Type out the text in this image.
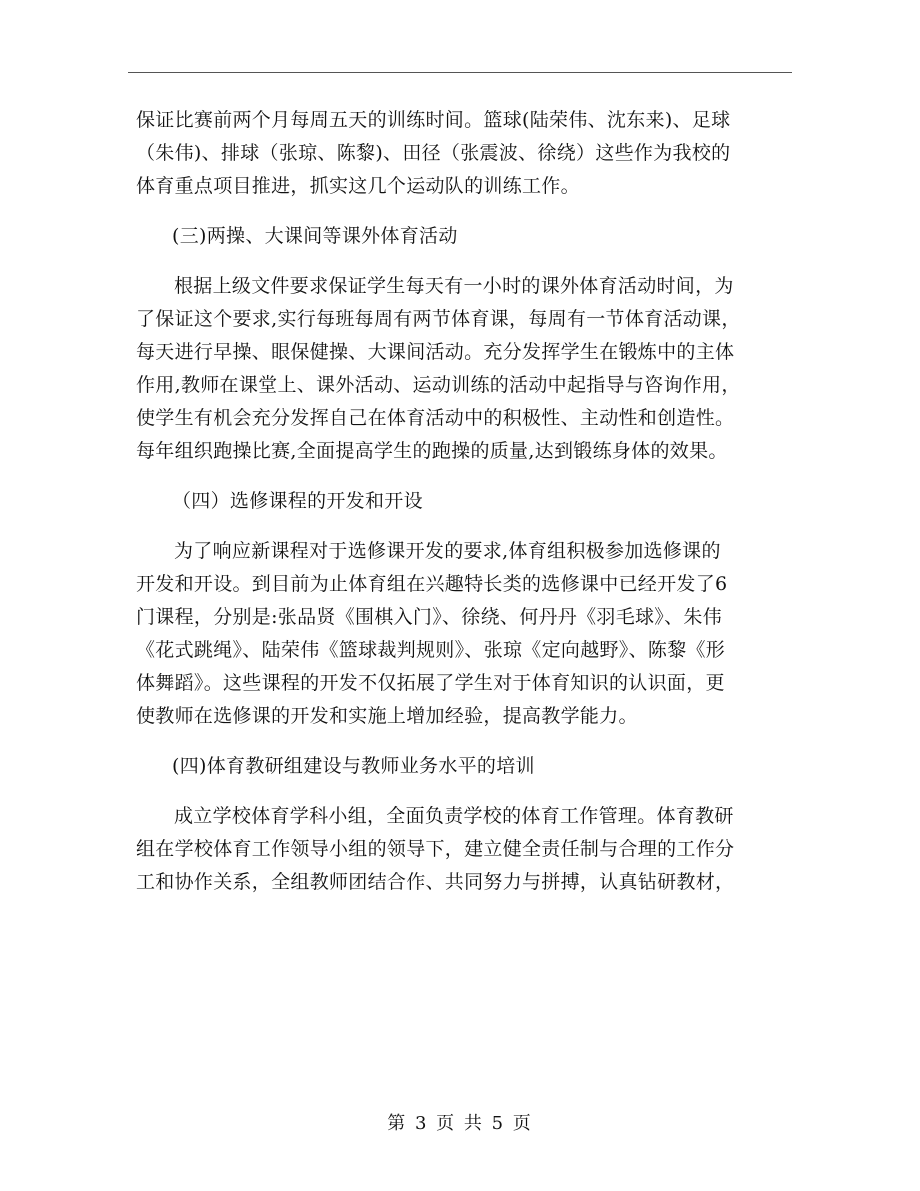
保证比赛前两个月每周五天的训练时间。篮球(陆荣伟、沈东来)、足球
（朱伟)、排球（张琼、陈黎)、田径（张震波、徐绕）这些作为我校的
体育重点项目推进，抓实这几个运动队的训练工作。
(三)两操、大课间等课外体育活动
根据上级文件要求保证学生每天有一小时的课外体育活动时间，为
了保证这个要求,实行每班每周有两节体育课，每周有一节体育活动课，
每天进行早操、眼保健操、大课间活动。充分发挥学生在锻炼中的主体
作用,教师在课堂上、课外活动、运动训练的活动中起指导与咨询作用，
使学生有机会充分发挥自己在体育活动中的积极性、主动性和创造性。
每年组织跑操比赛,全面提高学生的跑操的质量,达到锻练身体的效果。
（四）选修课程的开发和开设
为了响应新课程对于选修课开发的要求,体育组积极参加选修课的
开发和开设。到目前为止体育组在兴趣特长类的选修课中已经开发了6
门课程，分别是:张品贤《围棋入门》、徐绕、何丹丹《羽毛球》、朱伟
《花式跳绳》、陆荣伟《篮球裁判规则》、张琼《定向越野》、陈黎《形
体舞蹈》。这些课程的开发不仅拓展了学生对于体育知识的认识面，更
使教师在选修课的开发和实施上增加经验，提高教学能力。
(四)体育教研组建设与教师业务水平的培训
成立学校体育学科小组，全面负责学校的体育工作管理。体育教研
组在学校体育工作领导小组的领导下，建立健全责任制与合理的工作分
工和协作关系，全组教师团结合作、共同努力与拼搏，认真钻研教材，
第 3 页 共 5 页
